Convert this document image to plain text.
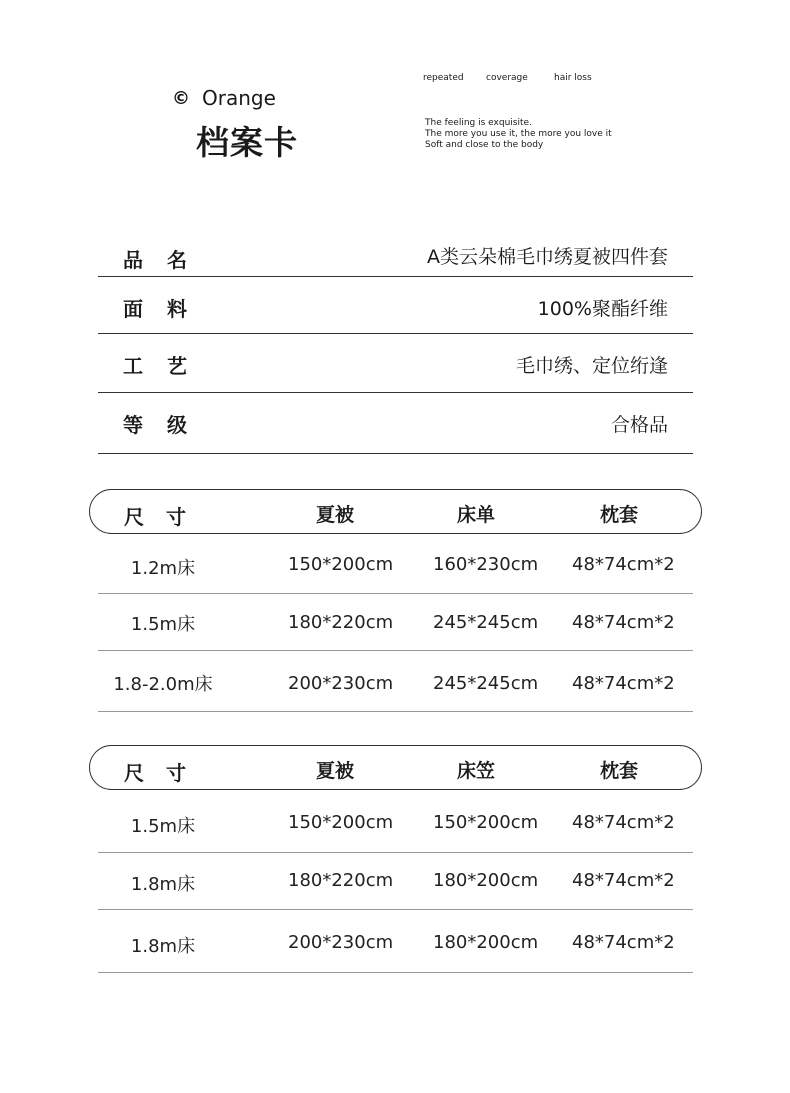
© Orange
档案卡
repeated	coverage	hair loss
The feeling is exquisite.
The more you use it, the more you love it
Soft and close to the body
品 名	A类云朵棉毛巾绣夏被四件套
面 料	100%聚酯纤维
工 艺	毛巾绣、定位绗逢
等 级	合格品
尺寸	夏被	床单	枕套
1.2m床	150*200cm 160*230cm 48*74cm*2
1.5m床	180*220cm 245*245cm 48*74cm*2
1.8-2.0m床	200*230cm 245*245cm 48*74cm*2
尺寸	夏被	床笠	枕套
1.5m床	150*200cm 150*200cm 48*74cm*2
1.8m床	180*220cm 180*200cm 48*74cm*2
1.8m床	200*230cm 180*200cm 48*74cm*2
